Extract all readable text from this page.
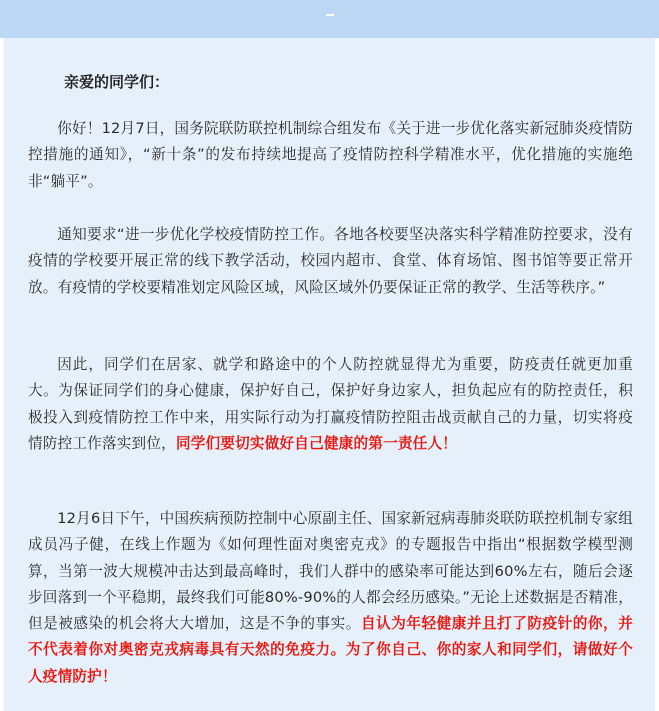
亲爱的同学们：

你好！12月7日，国务院联防联控机制综合组发布《关于进一步优化落实新冠肺炎疫情防控措施的通知》，“新十条”的发布持续地提高了疫情防控科学精准水平，优化措施的实施绝非“躺平”。

通知要求“进一步优化学校疫情防控工作。各地各校要坚决落实科学精准防控要求，没有疫情的学校要开展正常的线下教学活动，校园内超市、食堂、体育场馆、图书馆等要正常开放。有疫情的学校要精准划定风险区域，风险区域外仍要保证正常的教学、生活等秩序。”

因此，同学们在居家、就学和路途中的个人防控就显得尤为重要，防疫责任就更加重大。为保证同学们的身心健康，保护好自己，保护好身边家人，担负起应有的防控责任，积极投入到疫情防控工作中来，用实际行动为打赢疫情防控阻击战贡献自己的力量，切实将疫情防控工作落实到位，同学们要切实做好自己健康的第一责任人！

12月6日下午，中国疾病预防控制中心原副主任、国家新冠病毒肺炎联防联控机制专家组成员冯子健，在线上作题为《如何理性面对奥密克戎》的专题报告中指出“根据数学模型测算，当第一波大规模冲击达到最高峰时，我们人群中的感染率可能达到60%左右，随后会逐步回落到一个平稳期，最终我们可能80%-90%的人都会经历感染。”无论上述数据是否精准，但是被感染的机会将大大增加，这是不争的事实。自认为年轻健康并且打了防疫针的你，并不代表着你对奥密克戎病毒具有天然的免疫力。为了你自己、你的家人和同学们，请做好个人疫情防护！
